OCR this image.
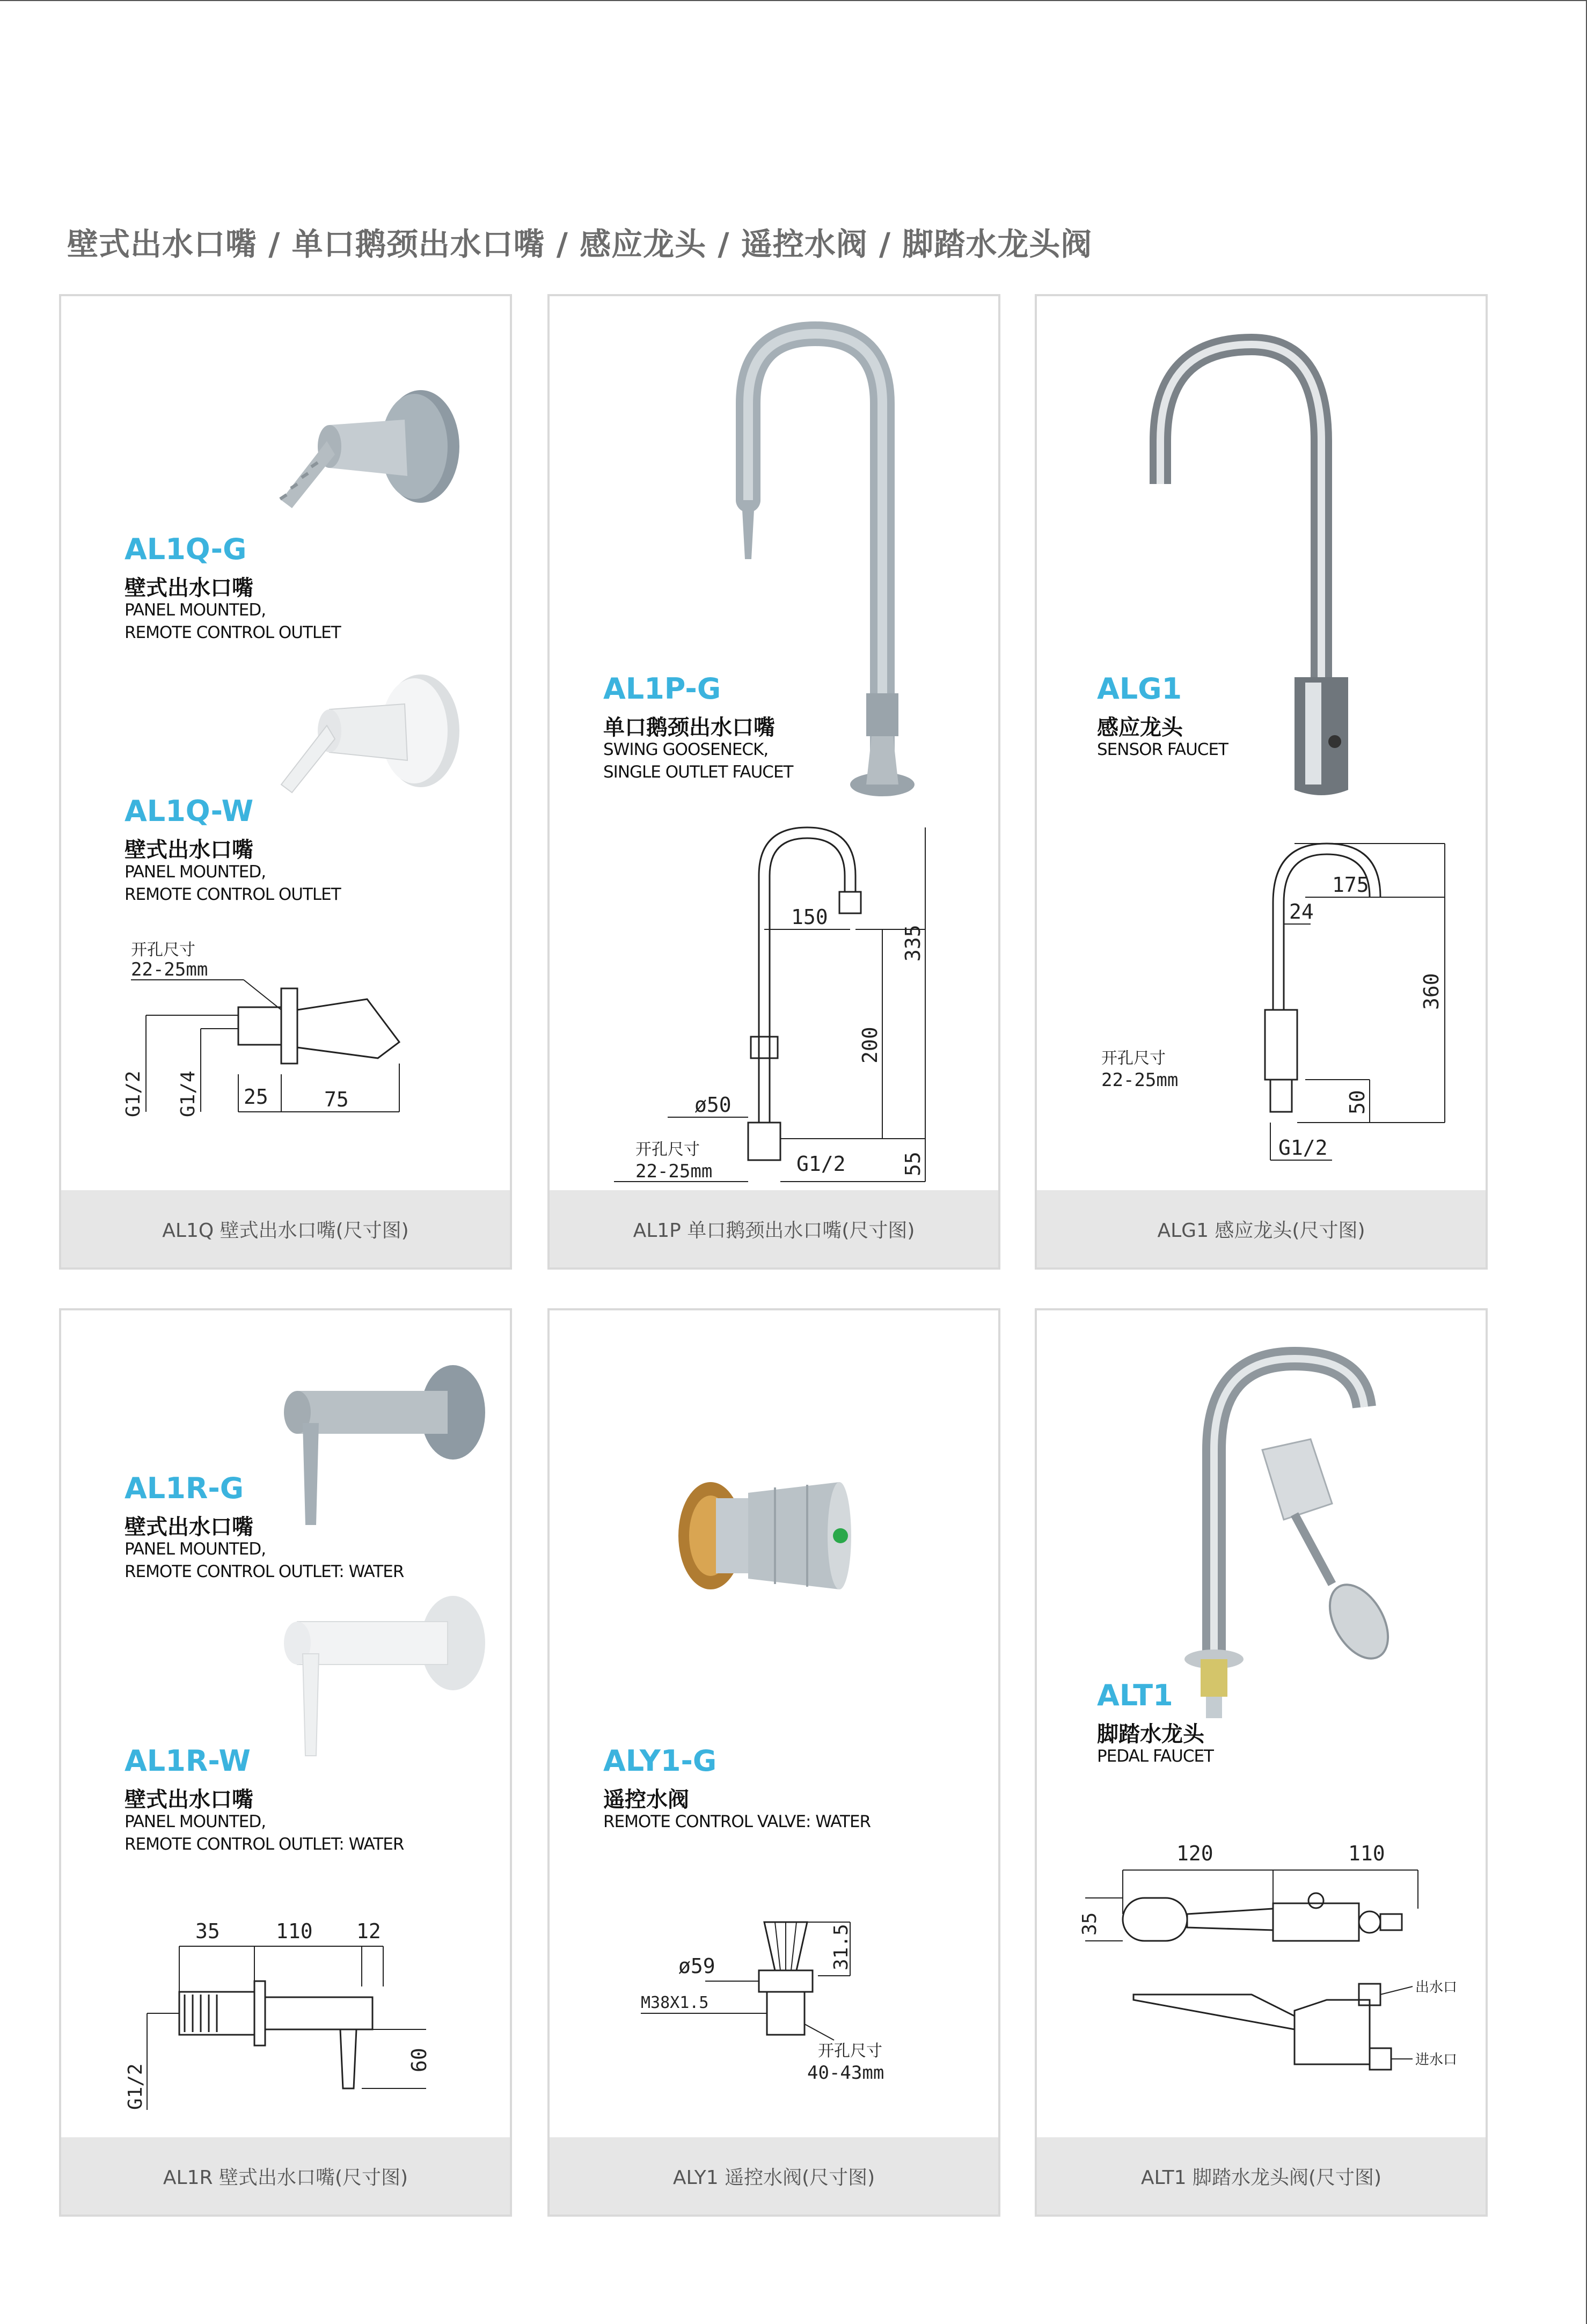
壁式出水口嘴 / 单口鹅颈出水口嘴 / 感应龙头 / 遥控水阀 / 脚踏水龙头阀
AL1Q-G
壁式出水口嘴
PANEL MOUNTED,
REMOTE CONTROL OUTLET
AL1Q-W
壁式出水口嘴
PANEL MOUNTED,
REMOTE CONTROL OUTLET
开孔尺寸
22-25mm
25	75
G1/2 G1/4
AL1Q 壁式出水口嘴(尺寸图)
AL1P-G
单口鹅颈出水口嘴
SWING GOOSENECK,
SINGLE OUTLET FAUCET
150
335
200
ø50
开孔尺寸
22-25mm	G1/2	55
AL1P 单口鹅颈出水口嘴(尺寸图)
ALG1
感应龙头
SENSOR FAUCET
175
24
360
开孔尺寸
22-25mm
50
G1/2
ALG1 感应龙头(尺寸图)
AL1R-G
壁式出水口嘴
PANEL MOUNTED,
REMOTE CONTROL OUTLET: WATER
AL1R-W
壁式出水口嘴
PANEL MOUNTED,
REMOTE CONTROL OUTLET: WATER
35	110 12
G1/2
60
AL1R 壁式出水口嘴(尺寸图)
ALY1-G
遥控水阀
REMOTE CONTROL VALVE: WATER
ø59	31.5
M38X1.5
开孔尺寸
40-43mm
ALY1 遥控水阀(尺寸图)
ALT1
脚踏水龙头
PEDAL FAUCET
120	110
35
出水口
进水口
ALT1 脚踏水龙头阀(尺寸图)
